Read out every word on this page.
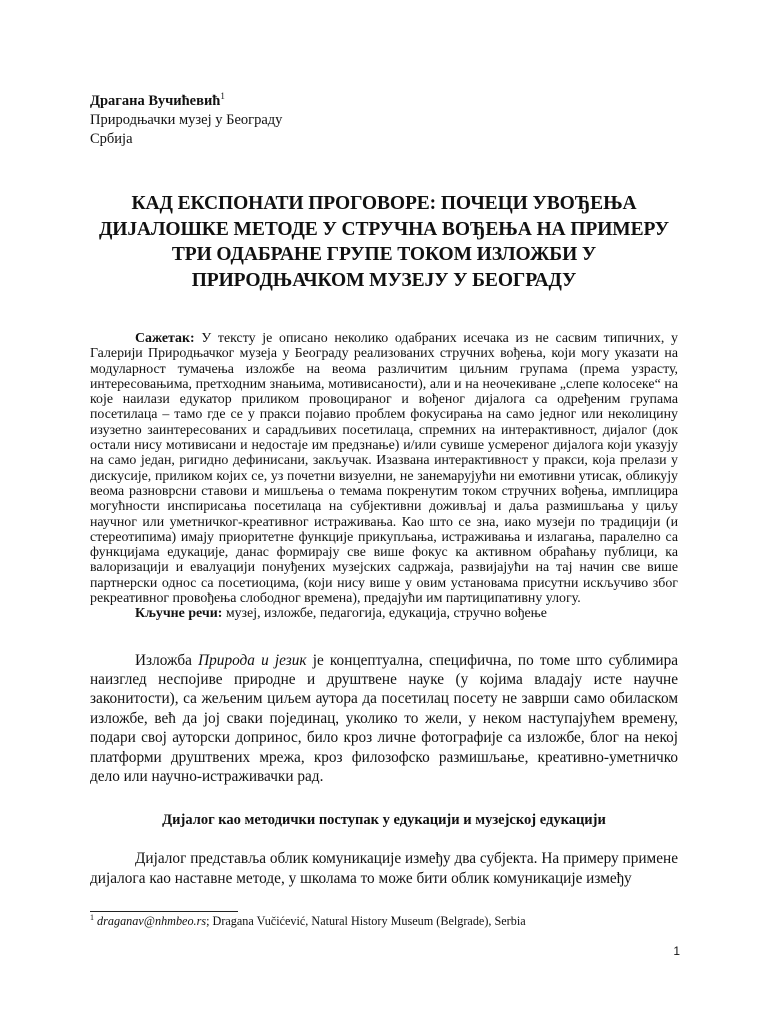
Драгана Вучићевић$^1$
Природњачки музеј у Београду
Србија
КАД ЕКСПОНАТИ ПРОГОВОРЕ: ПОЧЕЦИ УВОЂЕЊА ДИЈАЛОШКЕ МЕТОДЕ У СТРУЧНА ВОЂЕЊА НА ПРИМЕРУ ТРИ ОДАБРАНЕ ГРУПЕ ТОКОМ ИЗЛОЖБИ У ПРИРОДЊАЧКОМ МУЗЕЈУ У БЕОГРАДУ

Сажетак: У тексту је описано неколико одабраних исечака из не сасвим типичних, у Галерији Природњачког музеја у Београду реализованих стручних вођења, који могу указати на модуларност тумачења изложбе на веома различитим циљним групама (према узрасту, интересовањима, претходним знањима, мотивисаности), али и на неочекиване „слепе колосеке“ на које наилази едукатор приликом провоцираног и вођеног дијалога са одређеним групама посетилаца – тамо где се у пракси појавио проблем фокусирања на само једног или неколицину изузетно заинтересованих и сарадљивих посетилаца, спремних на интерактивност, дијалог (док остали нису мотивисани и недостаје им предзнање) и/или сувише усмереног дијалога који указују на само један, ригидно дефинисани, закључак. Изазвана интерактивност у пракси, која прелази у дискусије, приликом којих се, уз почетни визуелни, не занемарујући ни емотивни утисак, обликују веома разноврсни ставови и мишљења о темама покренутим током стручних вођења, имплицира могућности инспирисања посетилаца на субјективни доживљај и даља размишљања у циљу научног или уметничког-креативног истраживања. Као што се зна, иако музеји по традицији (и стереотипима) имају приоритетне функције прикупљања, истраживања и излагања, паралелно са функцијама едукације, данас формирају све више фокус ка активном обраћању публици, ка валоризацији и евалуацији понуђених музејских садржаја, развијајући на тај начин све више партнерски однос са посетиоцима, (који нису више у овим установама присутни искључиво због рекреативног провођења слободног времена), предајући им партиципативну улогу.

Кључне речи: музеј, изложбе, педагогија, едукација, стручно вођење
Изложба Природа и језик је концептуална, специфична, по томе што сублимира наизглед неспојиве природне и друштвене науке (у којима владају исте научне законитости), са жељеним циљем аутора да посетилац посету не заврши само обиласком изложбе, већ да јој сваки појединац, уколико то жели, у неком наступајућем времену, подари свој ауторски допринос, било кроз личне фотографије са изложбе, блог на некој платформи друштвених мрежа, кроз филозофско размишљање, креативно-уметничко дело или научно-истраживачки рад.
Дијалог као методички поступак у едукацији и музејској едукацији
Дијалог представља облик комуникације између два субјекта. На примеру примене дијалога као наставне методе, у школама то може бити облик комуникације између
$^1$ draganav@nhmbeo.rs; Dragana Vučićević, Natural History Museum (Belgrade), Serbia
1
